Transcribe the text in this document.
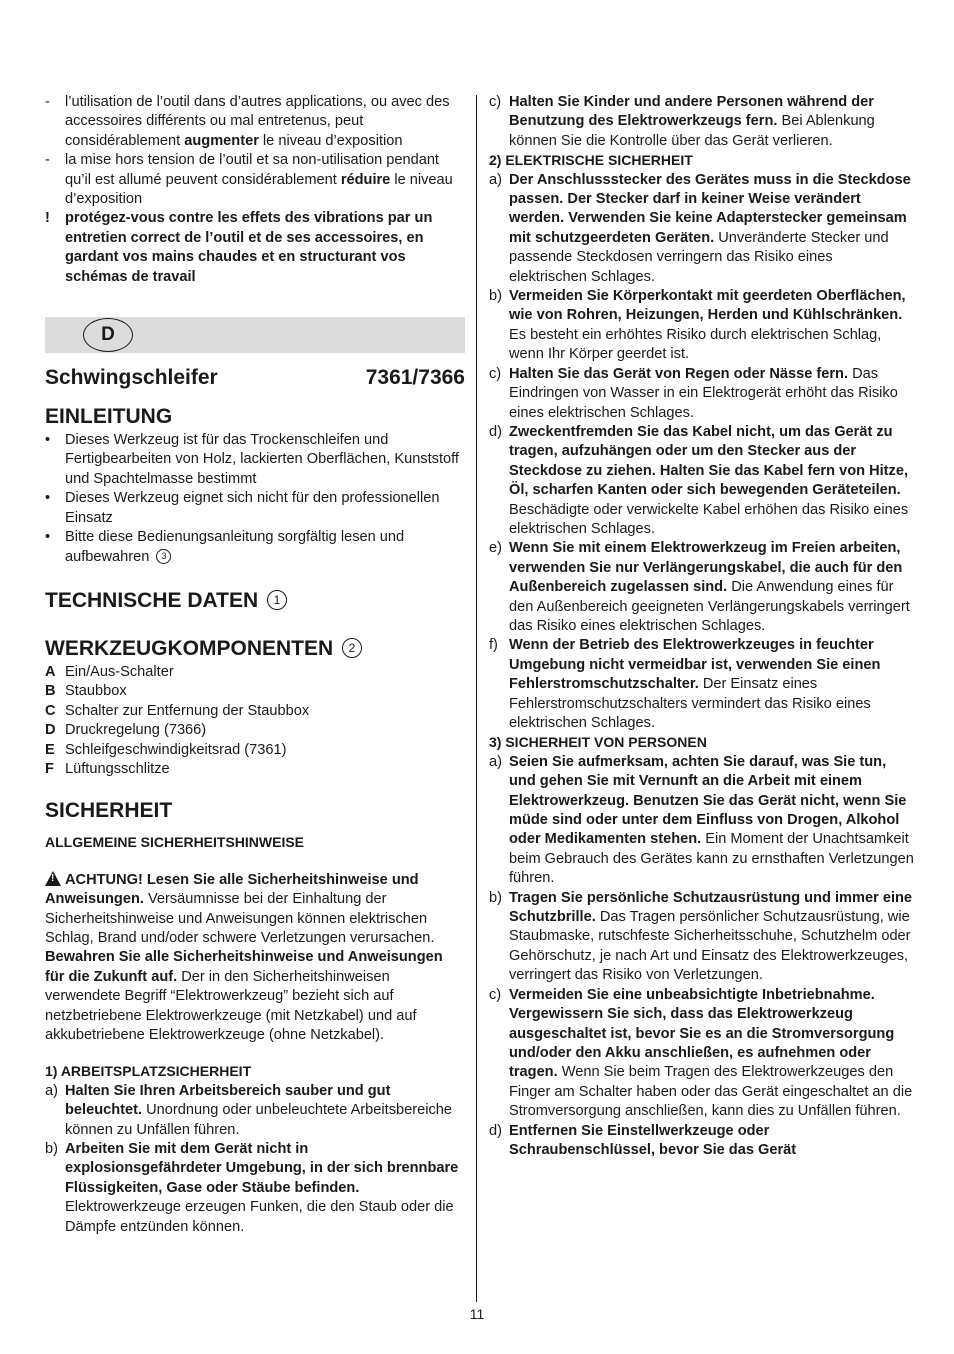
-	l’utilisation de l’outil dans d’autres applications, ou avec des accessoires différents ou mal entretenus, peut considérablement augmenter le niveau d’exposition
-	la mise hors tension de l’outil et sa non-utilisation pendant qu’il est allumé peuvent considérablement réduire le niveau d’exposition
!	protégez-vous contre les effets des vibrations par un entretien correct de l’outil et de ses accessoires, en gardant vos mains chaudes et en structurant vos schémas de travail
D
Schwingschleifer	7361/7366
EINLEITUNG
•	Dieses Werkzeug ist für das Trockenschleifen und Fertigbearbeiten von Holz, lackierten Oberflächen, Kunststoff und Spachtelmasse bestimmt
•	Dieses Werkzeug eignet sich nicht für den professionellen Einsatz
•	Bitte diese Bedienungsanleitung sorgfältig lesen und aufbewahren 3
TECHNISCHE DATEN 1
WERKZEUGKOMPONENTEN 2
A Ein/Aus-Schalter
B Staubbox
C Schalter zur Entfernung der Staubbox
D Druckregelung (7366)
E Schleifgeschwindigkeitsrad (7361)
F Lüftungsschlitze
SICHERHEIT
ALLGEMEINE SICHERHEITSHINWEISE
!ACHTUNG! Lesen Sie alle Sicherheitshinweise und Anweisungen. Versäumnisse bei der Einhaltung der Sicherheitshinweise und Anweisungen können elektrischen Schlag, Brand und/oder schwere Verletzungen verursachen. Bewahren Sie alle Sicherheitshinweise und Anweisungen für die Zukunft auf. Der in den Sicherheitshinweisen verwendete Begriff “Elektrowerkzeug” bezieht sich auf netzbetriebene Elektrowerkzeuge (mit Netzkabel) und auf akkubetriebene Elektrowerkzeuge (ohne Netzkabel).
1) ARBEITSPLATZSICHERHEIT
a) Halten Sie Ihren Arbeitsbereich sauber und gut beleuchtet. Unordnung oder unbeleuchtete Arbeitsbereiche können zu Unfällen führen.
b) Arbeiten Sie mit dem Gerät nicht in explosionsgefährdeter Umgebung, in der sich brennbare Flüssigkeiten, Gase oder Stäube befinden. Elektrowerkzeuge erzeugen Funken, die den Staub oder die Dämpfe entzünden können.
c) Halten Sie Kinder und andere Personen während der Benutzung des Elektrowerkzeugs fern. Bei Ablenkung können Sie die Kontrolle über das Gerät verlieren.
2) ELEKTRISCHE SICHERHEIT
a) Der Anschlussstecker des Gerätes muss in die Steckdose passen. Der Stecker darf in keiner Weise verändert werden. Verwenden Sie keine Adapterstecker gemeinsam mit schutzgeerdeten Geräten. Unveränderte Stecker und passende Steckdosen verringern das Risiko eines elektrischen Schlages.
b) Vermeiden Sie Körperkontakt mit geerdeten Oberflächen, wie von Rohren, Heizungen, Herden und Kühlschränken. Es besteht ein erhöhtes Risiko durch elektrischen Schlag, wenn Ihr Körper geerdet ist.
c) Halten Sie das Gerät von Regen oder Nässe fern. Das Eindringen von Wasser in ein Elektrogerät erhöht das Risiko eines elektrischen Schlages.
d) Zweckentfremden Sie das Kabel nicht, um das Gerät zu tragen, aufzuhängen oder um den Stecker aus der Steckdose zu ziehen. Halten Sie das Kabel fern von Hitze, Öl, scharfen Kanten oder sich bewegenden Geräteteilen. Beschädigte oder verwickelte Kabel erhöhen das Risiko eines elektrischen Schlages.
e) Wenn Sie mit einem Elektrowerkzeug im Freien arbeiten, verwenden Sie nur Verlängerungskabel, die auch für den Außenbereich zugelassen sind. Die Anwendung eines für den Außenbereich geeigneten Verlängerungskabels verringert das Risiko eines elektrischen Schlages.
f) Wenn der Betrieb des Elektrowerkzeuges in feuchter Umgebung nicht vermeidbar ist, verwenden Sie einen Fehlerstromschutzschalter. Der Einsatz eines Fehlerstromschutzschalters vermindert das Risiko eines elektrischen Schlages.
3) SICHERHEIT VON PERSONEN
a) Seien Sie aufmerksam, achten Sie darauf, was Sie tun, und gehen Sie mit Vernunft an die Arbeit mit einem Elektrowerkzeug. Benutzen Sie das Gerät nicht, wenn Sie müde sind oder unter dem Einfluss von Drogen, Alkohol oder Medikamenten stehen. Ein Moment der Unachtsamkeit beim Gebrauch des Gerätes kann zu ernsthaften Verletzungen führen.
b) Tragen Sie persönliche Schutzausrüstung und immer eine Schutzbrille. Das Tragen persönlicher Schutzausrüstung, wie Staubmaske, rutschfeste Sicherheitsschuhe, Schutzhelm oder Gehörschutz, je nach Art und Einsatz des Elektrowerkzeuges, verringert das Risiko von Verletzungen.
c) Vermeiden Sie eine unbeabsichtigte Inbetriebnahme. Vergewissern Sie sich, dass das Elektrowerkzeug ausgeschaltet ist, bevor Sie es an die Stromversorgung und/oder den Akku anschließen, es aufnehmen oder tragen. Wenn Sie beim Tragen des Elektrowerkzeuges den Finger am Schalter haben oder das Gerät eingeschaltet an die Stromversorgung anschließen, kann dies zu Unfällen führen.
d) Entfernen Sie Einstellwerkzeuge oder Schraubenschlüssel, bevor Sie das Gerät
11
